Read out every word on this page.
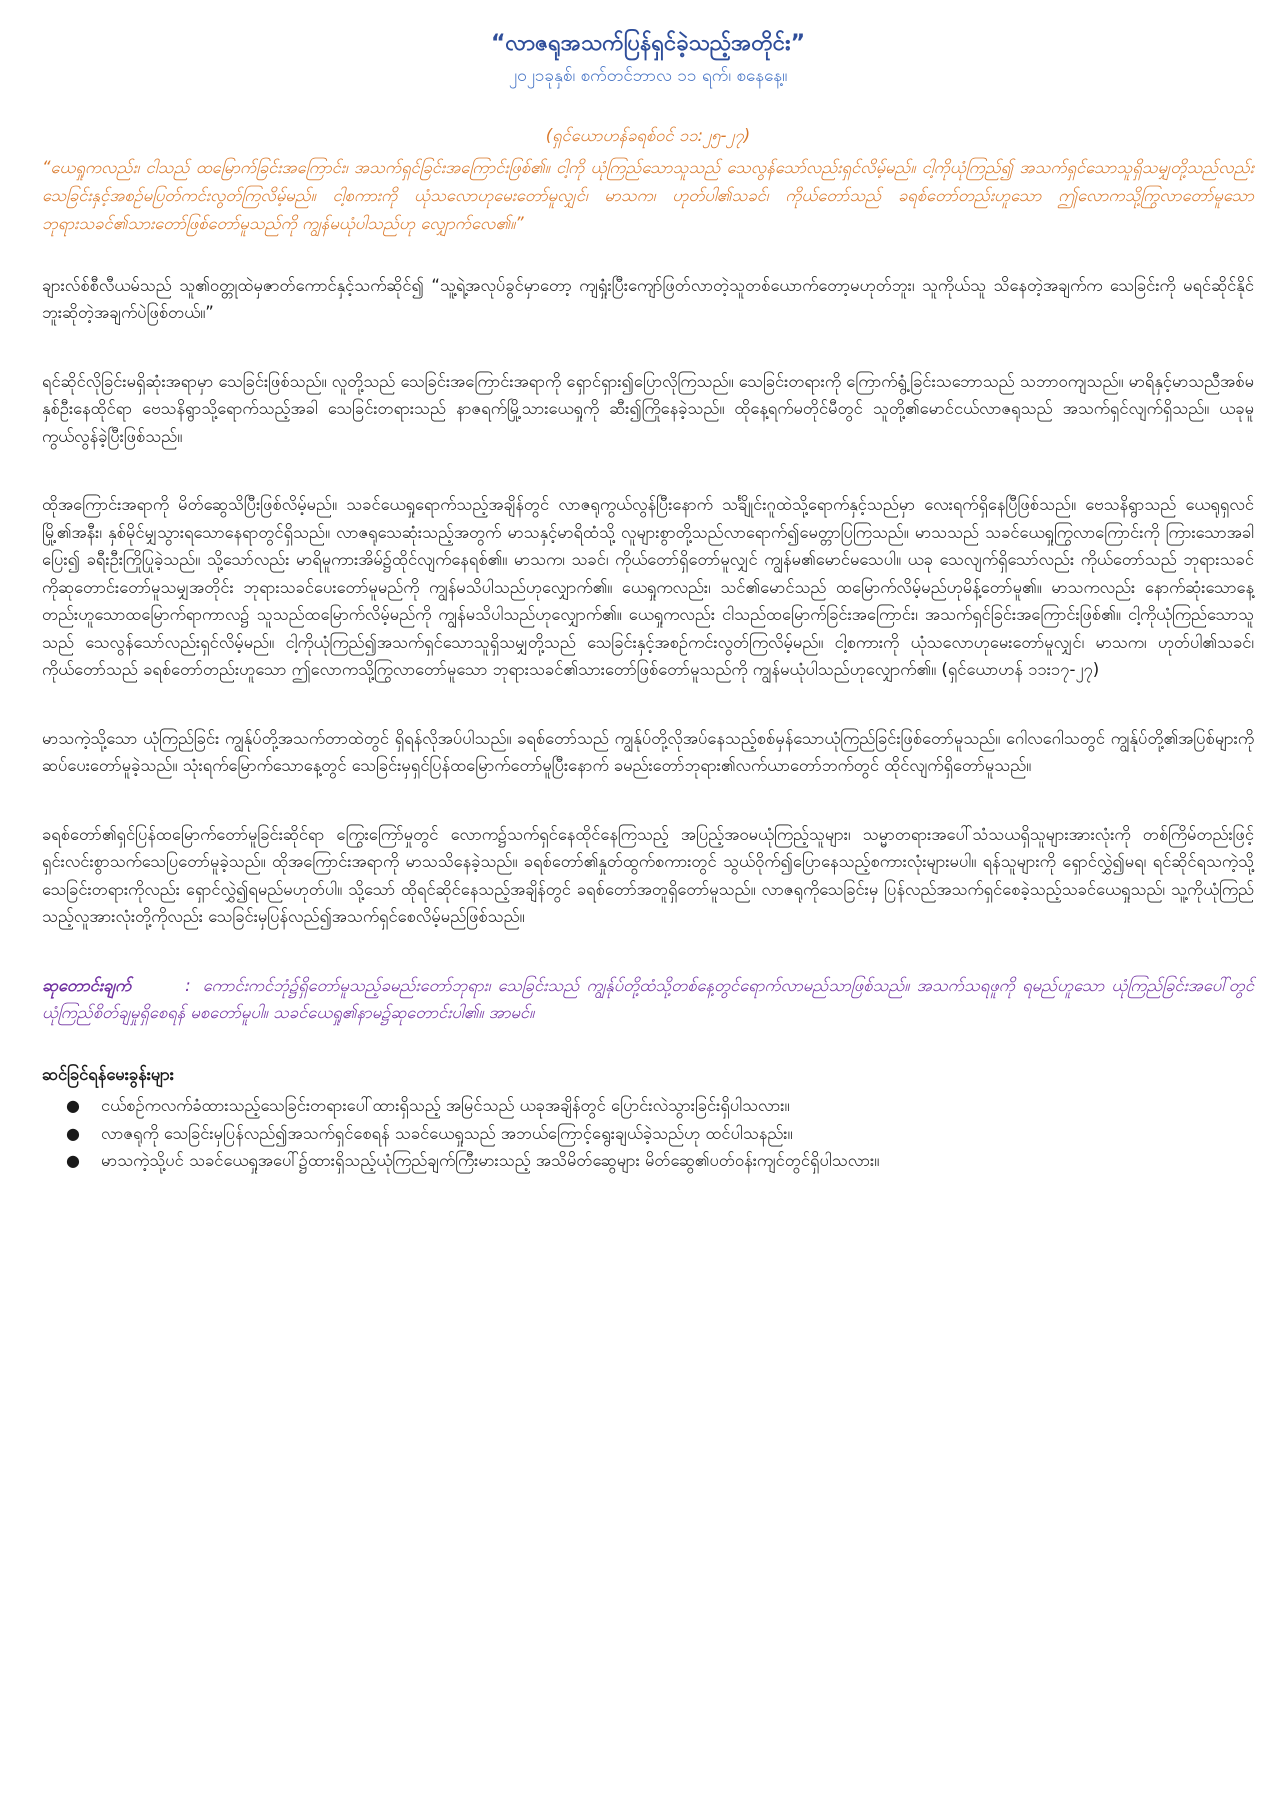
“လာဇရုအသက်ပြန်ရှင်ခဲ့သည့်အတိုင်း”
၂၀၂၁ခုနှစ်၊ စက်တင်ဘာလ ၁၁ ရက်၊ စနေနေ့။
(ရှင်ယောဟန်ခရစ်ဝင် ၁၁:၂၅-၂၇)

“ယေရှုကလည်း၊ ငါသည် ထမြောက်ခြင်းအကြောင်း၊ အသက်ရှင်ခြင်းအကြောင်းဖြစ်၏။ ငါ့ကို ယုံကြည်သောသူသည် သေလွန်သော်လည်းရှင်လိမ့်မည်။ ငါ့ကိုယုံကြည်၍ အသက်ရှင်သောသူရှိသမျှတို့သည်လည်း သေခြင်းနှင့်အစဉ်မပြတ်ကင်းလွတ်ကြလိမ့်မည်။ ငါ့စကားကို ယုံသလောဟုမေးတော်မူလျှင်၊ မာသက၊ ဟုတ်ပါ၏သခင်၊ ကိုယ်တော်သည် ခရစ်တော်တည်းဟူသော ဤလောကသို့ကြွလာတော်မူသော ဘုရားသခင်၏သားတော်ဖြစ်တော်မူသည်ကို ကျွန်မယုံပါသည်ဟု လျှောက်လေ၏။”

ချားလ်စ်စီလီယမ်သည် သူ၏ဝတ္တုထဲမှဇာတ်ကောင်နှင့်သက်ဆိုင်၍ “သူ့ရဲ့အလုပ်ခွင်မှာတော့ ကျရှုံးပြီးကျော်ဖြတ်လာတဲ့သူတစ်ယောက်တော့မဟုတ်ဘူး၊ သူကိုယ်သူ သိနေတဲ့အချက်က သေခြင်းကို မရင်ဆိုင်နိုင်ဘူးဆိုတဲ့အချက်ပဲဖြစ်တယ်။”

ရင်ဆိုင်လိုခြင်းမရှိဆုံးအရာမှာ သေခြင်းဖြစ်သည်။ လူတို့သည် သေခြင်းအကြောင်းအရာကို ရှောင်ရှား၍ပြောလိုကြသည်။ သေခြင်းတရားကို ကြောက်ရွံ့ခြင်းသဘောသည် သဘာဝကျသည်။ မာရိနှင့်မာသညီအစ်မနှစ်ဦးနေထိုင်ရာ ဗေသနိရွာသို့ရောက်သည့်အခါ သေခြင်းတရားသည် နာဇရက်မြို့သားယေရှုကို ဆီး၍ကြိုနေခဲ့သည်။ ထိုနေ့ရက်မတိုင်မီတွင် သူတို့၏မောင်ငယ်လာဇရုသည် အသက်ရှင်လျက်ရှိသည်။ ယခုမူ ကွယ်လွန်ခဲ့ပြီးဖြစ်သည်။

ထိုအကြောင်းအရာကို မိတ်ဆွေသိပြီးဖြစ်လိမ့်မည်။ သခင်ယေရှုရောက်သည့်အချိန်တွင် လာဇရုကွယ်လွန်ပြီးနောက် သင်္ချိုင်းဂူထဲသို့ရောက်နှင့်သည်မှာ လေးရက်ရှိနေပြီဖြစ်သည်။ ဗေသနိရွာသည် ယေရုရှလင်မြို့၏အနီး၊ နှစ်မိုင်မျှသွားရသောနေရာတွင်ရှိသည်။ လာဇရုသေဆုံးသည့်အတွက် မာသနှင့်မာရိထံသို့ လူများစွာတို့သည်လာရောက်၍မေတ္တာပြကြသည်။ မာသသည် သခင်ယေရှုကြွလာကြောင်းကို ကြားသောအခါပြေး၍ ခရီးဦးကြိုပြုခဲ့သည်။ သို့သော်လည်း မာရိမူကားအိမ်၌ထိုင်လျက်နေရစ်၏။ မာသက၊ သခင်၊ ကိုယ်တော်ရှိတော်မူလျှင် ကျွန်မ၏မောင်မသေပါ။ ယခု သေလျက်ရှိသော်လည်း ကိုယ်တော်သည် ဘုရားသခင်ကိုဆုတောင်းတော်မူသမျှအတိုင်း ဘုရားသခင်ပေးတော်မူမည်ကို ကျွန်မသိပါသည်ဟုလျှောက်၏။ ယေရှုကလည်း၊ သင်၏မောင်သည် ထမြောက်လိမ့်မည်ဟုမိန့်တော်မူ၏။ မာသကလည်း နောက်ဆုံးသောနေ့တည်းဟူသောထမြောက်ရာကာလ၌ သူသည်ထမြောက်လိမ့်မည်ကို ကျွန်မသိပါသည်ဟုလျှောက်၏။ ယေရှုကလည်း ငါသည်ထမြောက်ခြင်းအကြောင်း၊ အသက်ရှင်ခြင်းအကြောင်းဖြစ်၏။ ငါ့ကိုယုံကြည်သောသူသည် သေလွန်သော်လည်းရှင်လိမ့်မည်။ ငါ့ကိုယုံကြည်၍အသက်ရှင်သောသူရှိသမျှတို့သည် သေခြင်းနှင့်အစဉ်ကင်းလွတ်ကြလိမ့်မည်။ ငါ့စကားကို ယုံသလောဟုမေးတော်မူလျှင်၊ မာသက၊ ဟုတ်ပါ၏သခင်၊ ကိုယ်တော်သည် ခရစ်တော်တည်းဟူသော ဤလောကသို့ကြွလာတော်မူသော ဘုရားသခင်၏သားတော်ဖြစ်တော်မူသည်ကို ကျွန်မယုံပါသည်ဟုလျှောက်၏။ (ရှင်ယောဟန် ၁၁း၁၇-၂၇)

မာသကဲ့သို့သော ယုံကြည်ခြင်း ကျွန်ုပ်တို့အသက်တာထဲတွင် ရှိရန်လိုအပ်ပါသည်။ ခရစ်တော်သည် ကျွန်ုပ်တို့လိုအပ်နေသည့်စစ်မှန်သောယုံကြည်ခြင်းဖြစ်တော်မူသည်။ ဂေါလဂေါသတွင် ကျွန်ုပ်တို့၏အပြစ်များကို ဆပ်ပေးတော်မူခဲ့သည်။ သုံးရက်မြောက်သောနေ့တွင် သေခြင်းမှရှင်ပြန်ထမြောက်တော်မူပြီးနောက် ခမည်းတော်ဘုရား၏လက်ယာတော်ဘက်တွင် ထိုင်လျက်ရှိတော်မူသည်။

ခရစ်တော်၏ရှင်ပြန်ထမြောက်တော်မူခြင်းဆိုင်ရာ ကြွေးကြော်မှုတွင် လောက၌သက်ရှင်နေထိုင်နေကြသည့် အပြည့်အဝမယုံကြည့်သူများ၊ သမ္မာတရားအပေါ်သံသယရှိသူများအားလုံးကို တစ်ကြိမ်တည်းဖြင့် ရှင်းလင်းစွာသက်သေပြတော်မူခဲ့သည်။ ထိုအကြောင်းအရာကို မာသသိနေခဲ့သည်။ ခရစ်တော်၏နှုတ်ထွက်စကားတွင် သွယ်ဝိုက်၍ပြောနေသည့်စကားလုံးများမပါ။ ရန်သူများကို ရှောင်လွှဲ၍မရ၊ ရင်ဆိုင်ရသကဲ့သို့ သေခြင်းတရားကိုလည်း ရှောင်လွှဲ၍ရမည်မဟုတ်ပါ။ သို့သော် ထိုရင်ဆိုင်နေသည့်အချိန်တွင် ခရစ်တော်အတူရှိတော်မူသည်။ လာဇရုကိုသေခြင်းမှ ပြန်လည်အသက်ရှင်စေခဲ့သည့်သခင်ယေရှုသည်၊ သူ့ကိုယုံကြည်သည့်လူအားလုံးတို့ကိုလည်း သေခြင်းမှပြန်လည်၍အသက်ရှင်စေလိမ့်မည်ဖြစ်သည်။

ဆုတောင်းချက်	: ကောင်းကင်ဘုံ၌ရှိတော်မူသည့်ခမည်းတော်ဘုရား၊ သေခြင်းသည် ကျွန်ုပ်တို့ထံသို့တစ်နေ့တွင်ရောက်လာမည်သာဖြစ်သည်။ အသက်သရဖူကို ရမည်ဟူသော ယုံကြည်ခြင်းအပေါ်တွင် ယုံကြည်စိတ်ချမှုရှိစေရန် မစတော်မူပါ။ သခင်ယေရှု၏နာမ၌ဆုတောင်းပါ၏။ အာမင်။

ဆင်ခြင်ရန်မေးခွန်းများ
● ငယ်စဉ်ကလက်ခံထားသည့်သေခြင်းတရားပေါ်ထားရှိသည့် အမြင်သည် ယခုအချိန်တွင် ပြောင်းလဲသွားခြင်းရှိပါသလား။
● လာဇရုကို သေခြင်းမှပြန်လည်၍အသက်ရှင်စေရန် သခင်ယေရှုသည် အဘယ်ကြောင့်ရွေးချယ်ခဲ့သည်ဟု ထင်ပါသနည်း။
● မာသကဲ့သို့ပင် သခင်ယေရှုအပေါ်၌ထားရှိသည့်ယုံကြည်ချက်ကြီးမားသည့် အသိမိတ်ဆွေများ မိတ်ဆွေ၏ပတ်ဝန်းကျင်တွင်ရှိပါသလား။
